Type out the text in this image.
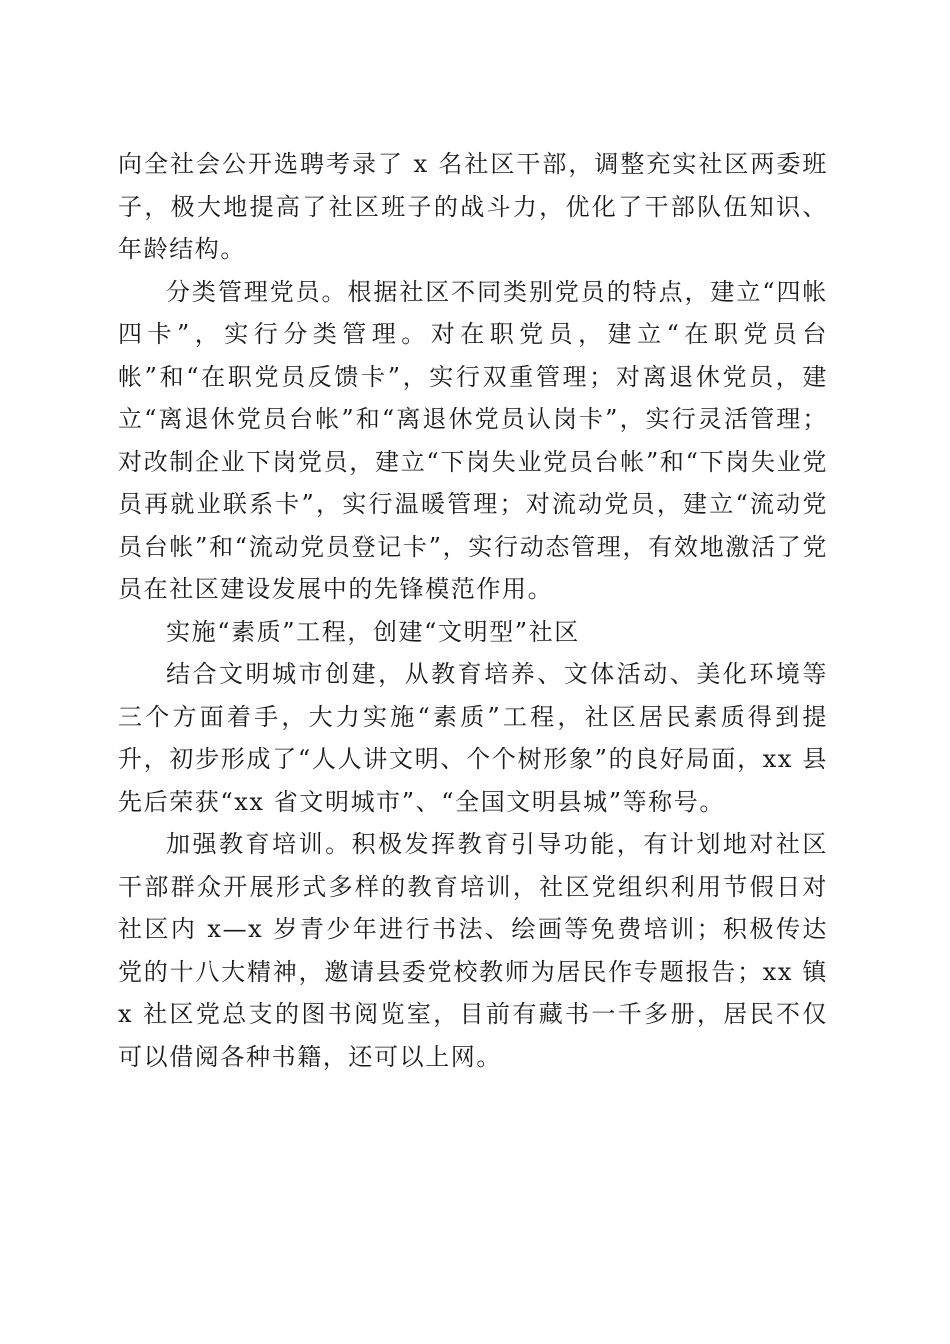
向全社会公开选聘考录了 x 名社区干部，调整充实社区两委班子，极大地提高了社区班子的战斗力，优化了干部队伍知识、年龄结构。

分类管理党员。根据社区不同类别党员的特点，建立“四帐四卡”，实行分类管理。对在职党员，建立“在职党员台帐”和“在职党员反馈卡”，实行双重管理；对离退休党员，建立“离退休党员台帐”和“离退休党员认岗卡”，实行灵活管理；对改制企业下岗党员，建立“下岗失业党员台帐”和“下岗失业党员再就业联系卡”，实行温暖管理；对流动党员，建立“流动党员台帐”和“流动党员登记卡”，实行动态管理，有效地激活了党员在社区建设发展中的先锋模范作用。

实施“素质”工程，创建“文明型”社区

结合文明城市创建，从教育培养、文体活动、美化环境等三个方面着手，大力实施“素质”工程，社区居民素质得到提升，初步形成了“人人讲文明、个个树形象”的良好局面，xx 县先后荣获“xx 省文明城市”、“全国文明县城”等称号。

加强教育培训。积极发挥教育引导功能，有计划地对社区干部群众开展形式多样的教育培训，社区党组织利用节假日对社区内 x—x 岁青少年进行书法、绘画等免费培训；积极传达党的十八大精神，邀请县委党校教师为居民作专题报告；xx 镇 x 社区党总支的图书阅览室，目前有藏书一千多册，居民不仅可以借阅各种书籍，还可以上网。
